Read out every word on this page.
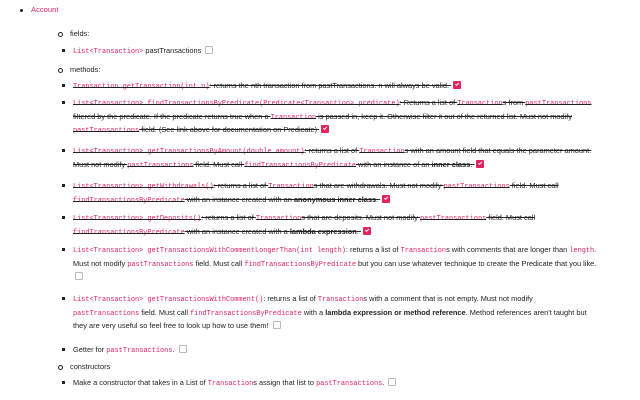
Account
fields:
List<Transaction> pastTransactions
methods:
Transaction getTransaction(int n): returns the nth transaction from pastTransactions. n will always be valid.
List<Transaction> findTransactionsByPredicate(Predicate<Transaction> predicate): Returns a list of Transactions from pastTransactions filtered by the predicate. If the predicate returns true when a Transaction is passed in, keep it. Otherwise filter it out of the returned list. Must not modify pastTransactions field. (See link above for documentation on Predicate)
List<Transaction> getTransactionsByAmount(double amount): returns a list of Transactions with an amount field that equals the parameter amount. Must not modify pastTransactions field. Must call findTransactionsByPredicate with an instance of an inner class.
List<Transaction> getWithdrawals(): returns a list of Transactions that are withdrawals. Must not modify pastTransactions field. Must call findTransactionsByPredicate with an instance created with an anonymous inner class.
List<Transaction> getDeposits(): returns a list of Transactions that are deposits. Must not modify pastTransactions field. Must call findTransactionsByPredicate with an instance created with a lambda expression.
List<Transaction> getTransactionsWithCommentLongerThan(int length): returns a list of Transactions with comments that are longer than length. Must not modify pastTransactions field. Must call findTransactionsByPredicate but you can use whatever technique to create the Predicate that you like.
List<Transaction> getTransactionsWithComment(): returns a list of Transactions with a comment that is not empty. Must not modify pastTransactions field. Must call findTransactionsByPredicate with a lambda expression or method reference. Method references aren't taught but they are very useful so feel free to look up how to use them!
Getter for pastTransactions.
constructors
Make a constructor that takes in a List of Transactions assign that list to pastTransactions.
